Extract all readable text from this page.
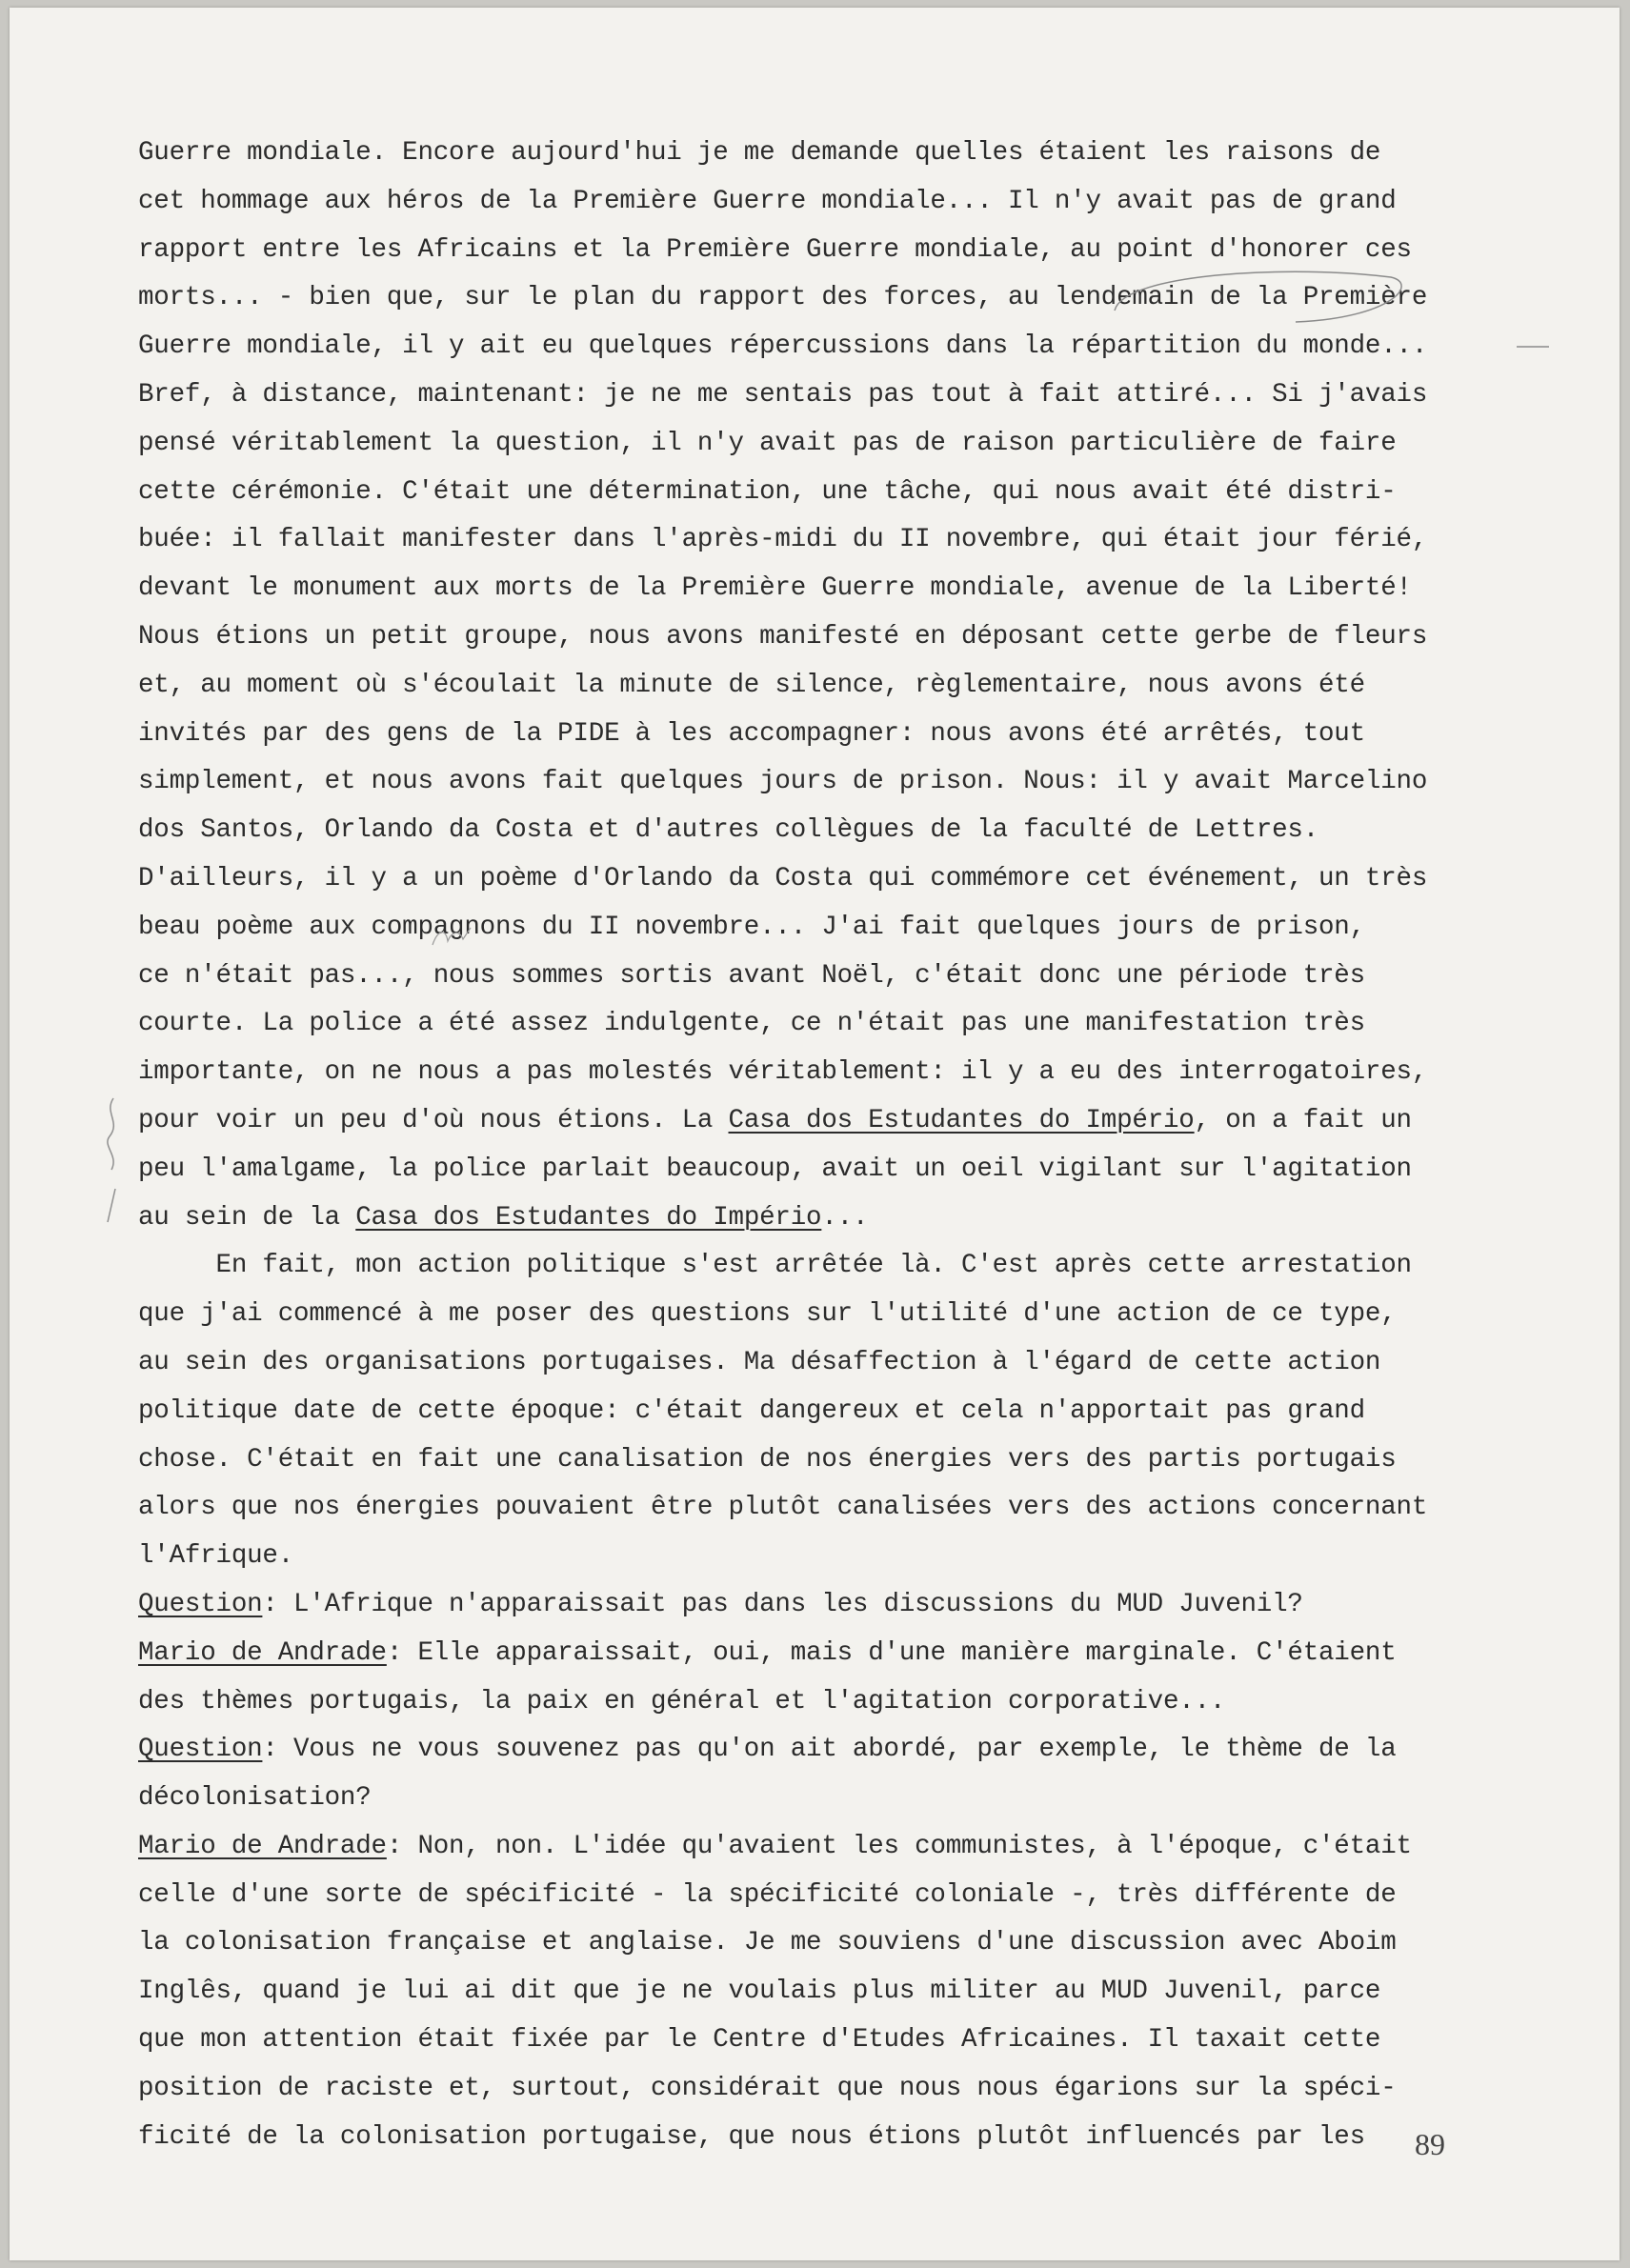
Guerre mondiale. Encore aujourd'hui je me demande quelles étaient les raisons de
cet hommage aux héros de la Première Guerre mondiale... Il n'y avait pas de grand
rapport entre les Africains et la Première Guerre mondiale, au point d'honorer ces
morts... - bien que, sur le plan du rapport des forces, au lendemain de la Première
Guerre mondiale, il y ait eu quelques répercussions dans la répartition du monde...
Bref, à distance, maintenant: je ne me sentais pas tout à fait attiré... Si j'avais
pensé véritablement la question, il n'y avait pas de raison particulière de faire
cette cérémonie. C'était une détermination, une tâche, qui nous avait été distri-
buée: il fallait manifester dans l'après-midi du II novembre, qui était jour férié,
devant le monument aux morts de la Première Guerre mondiale, avenue de la Liberté!
Nous étions un petit groupe, nous avons manifesté en déposant cette gerbe de fleurs
et, au moment où s'écoulait la minute de silence, règlementaire, nous avons été
invités par des gens de la PIDE à les accompagner: nous avons été arrêtés, tout
simplement, et nous avons fait quelques jours de prison. Nous: il y avait Marcelino
dos Santos, Orlando da Costa et d'autres collègues de la faculté de Lettres.
D'ailleurs, il y a un poème d'Orlando da Costa qui commémore cet événement, un très
beau poème aux compagnons du II novembre... J'ai fait quelques jours de prison,
ce n'était pas..., nous sommes sortis avant Noël, c'était donc une période très
courte. La police a été assez indulgente, ce n'était pas une manifestation très
importante, on ne nous a pas molestés véritablement: il y a eu des interrogatoires,
pour voir un peu d'où nous étions. La Casa dos Estudantes do Império, on a fait un
peu l'amalgame, la police parlait beaucoup, avait un oeil vigilant sur l'agitation
au sein de la Casa dos Estudantes do Império...
En fait, mon action politique s'est arrêtée là. C'est après cette arrestation
que j'ai commencé à me poser des questions sur l'utilité d'une action de ce type,
au sein des organisations portugaises. Ma désaffection à l'égard de cette action
politique date de cette époque: c'était dangereux et cela n'apportait pas grand
chose. C'était en fait une canalisation de nos énergies vers des partis portugais
alors que nos énergies pouvaient être plutôt canalisées vers des actions concernant
l'Afrique.
Question: L'Afrique n'apparaissait pas dans les discussions du MUD Juvenil?
Mario de Andrade: Elle apparaissait, oui, mais d'une manière marginale. C'étaient
des thèmes portugais, la paix en général et l'agitation corporative...
Question: Vous ne vous souvenez pas qu'on ait abordé, par exemple, le thème de la
décolonisation?
Mario de Andrade: Non, non. L'idée qu'avaient les communistes, à l'époque, c'était
celle d'une sorte de spécificité - la spécificité coloniale -, très différente de
la colonisation française et anglaise. Je me souviens d'une discussion avec Aboim
Inglês, quand je lui ai dit que je ne voulais plus militer au MUD Juvenil, parce
que mon attention était fixée par le Centre d'Etudes Africaines. Il taxait cette
position de raciste et, surtout, considérait que nous nous égarions sur la spéci-
ficité de la colonisation portugaise, que nous étions plutôt influencés par les	89
